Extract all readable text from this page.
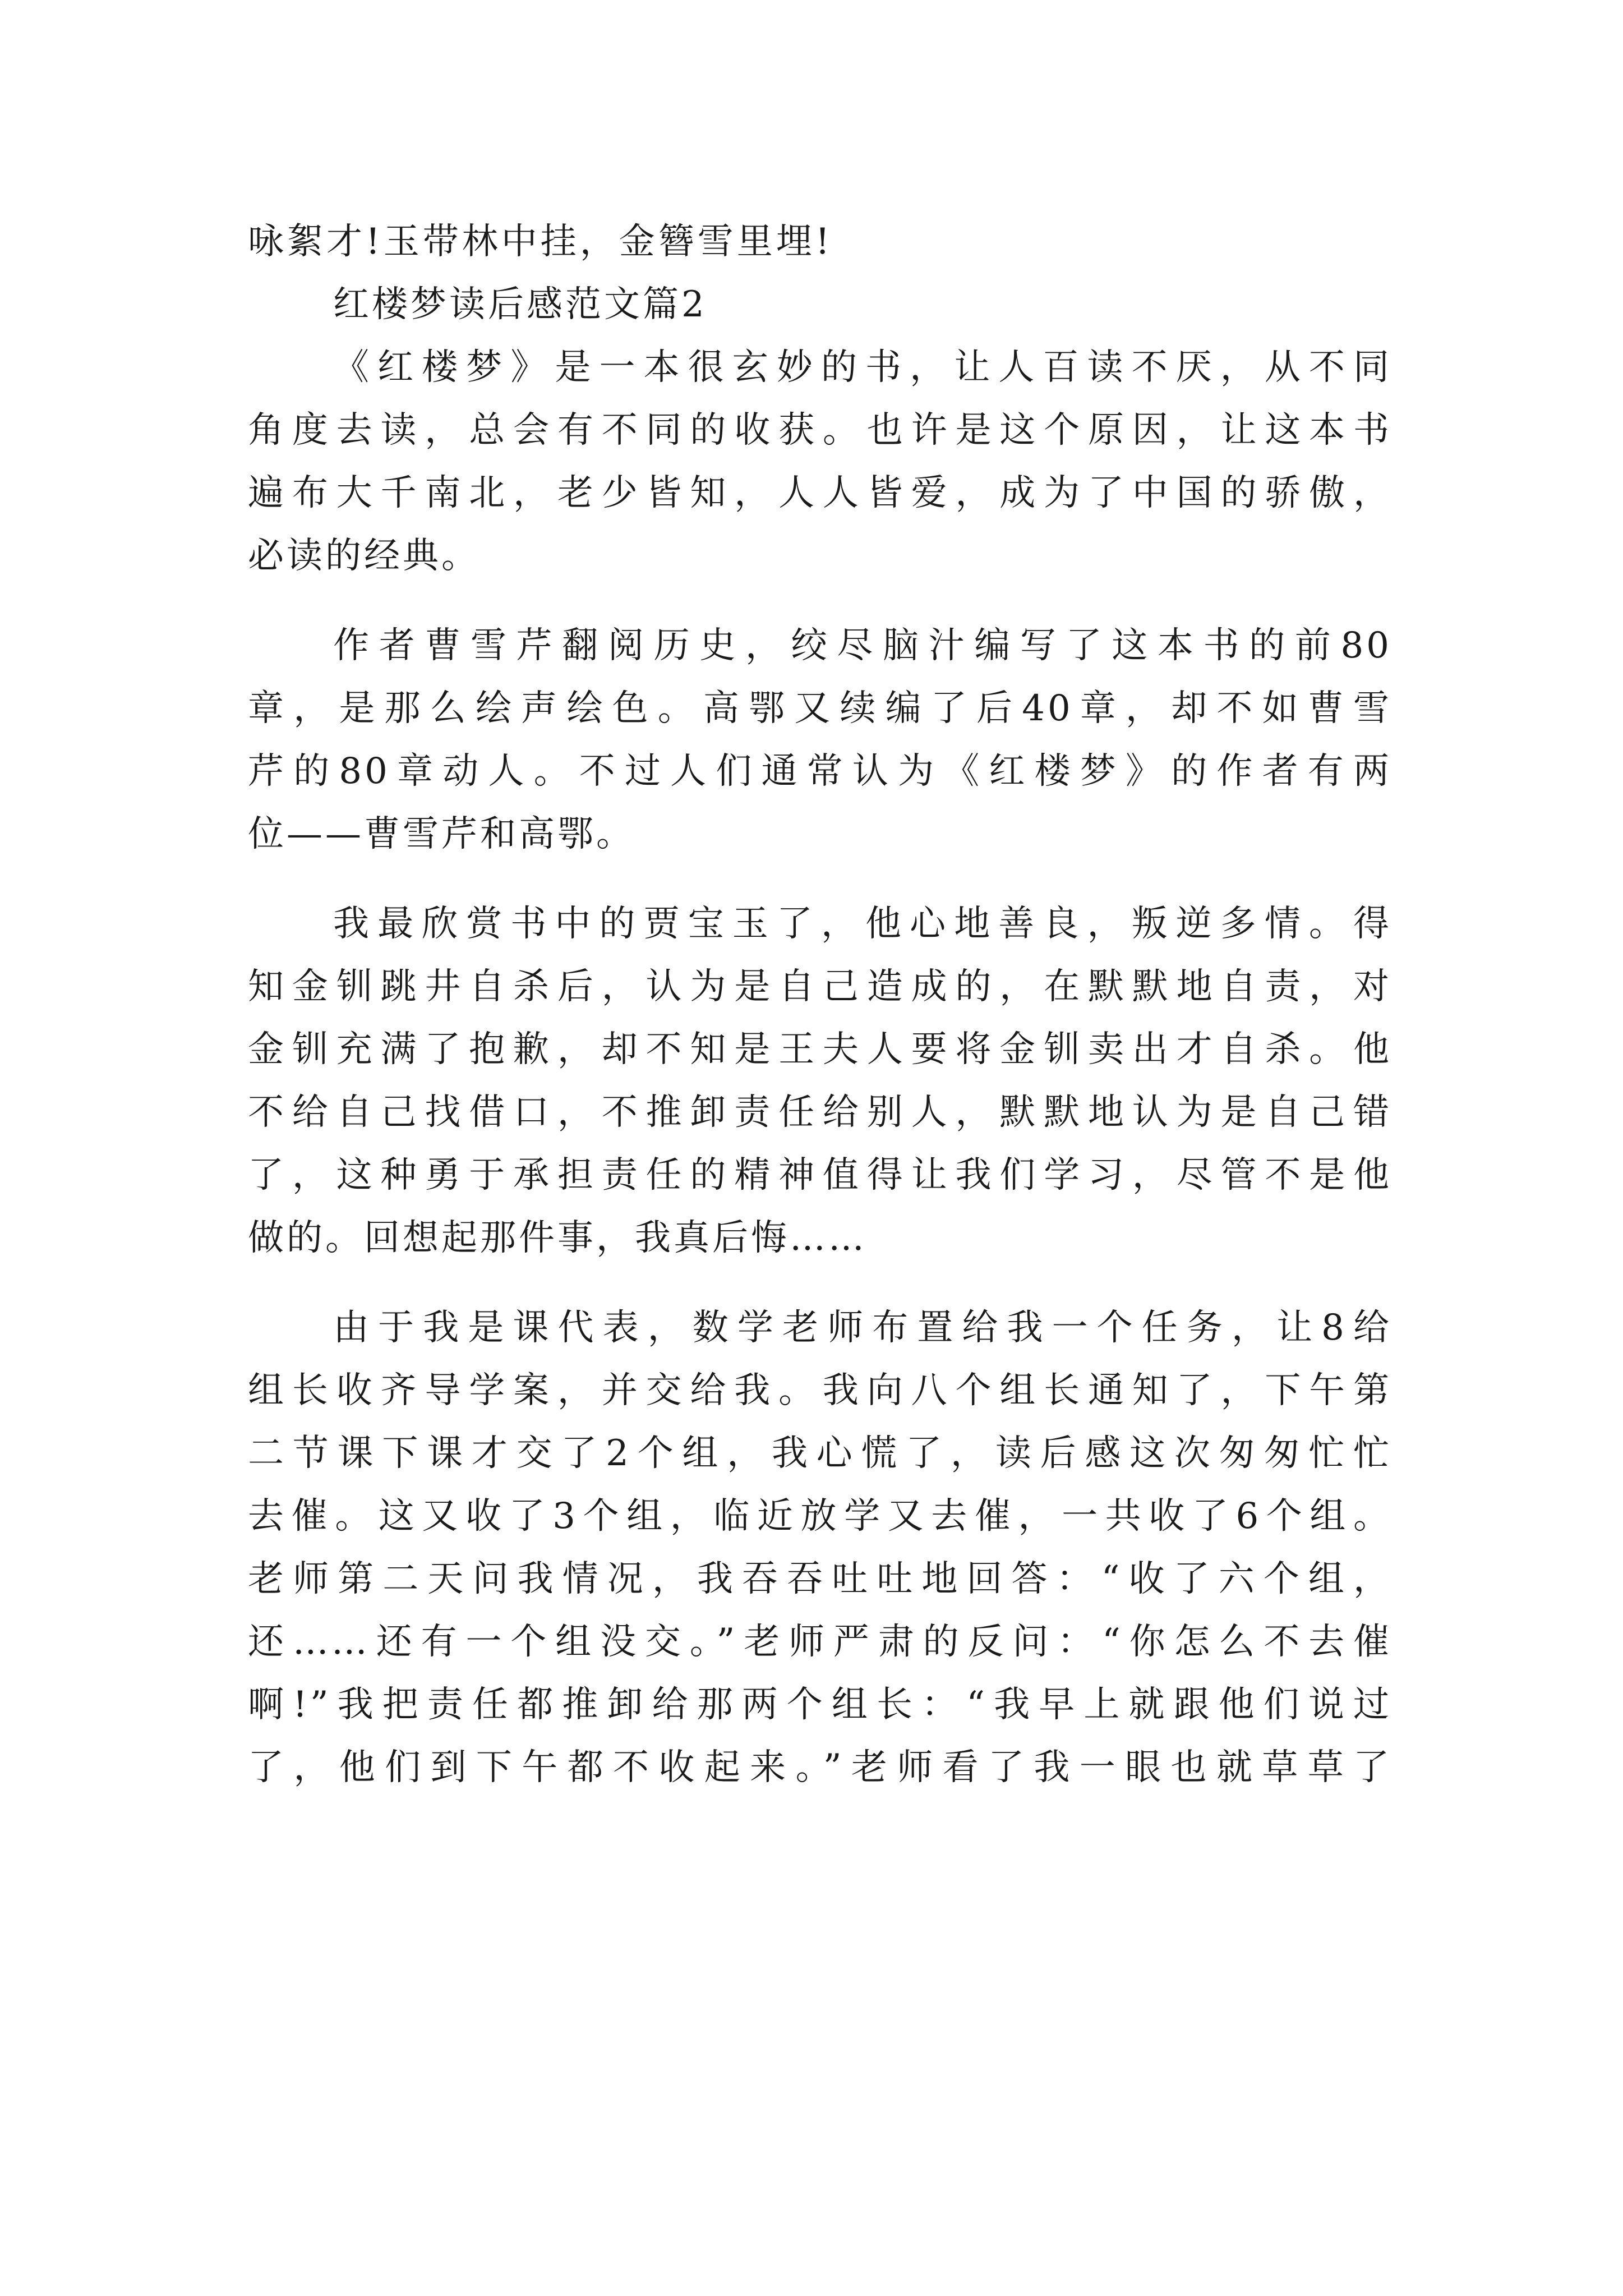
咏絮才!玉带林中挂，金簪雪里埋!
红楼梦读后感范文篇2
《红楼梦》是一本很玄妙的书，让人百读不厌，从不同
角度去读，总会有不同的收获。也许是这个原因，让这本书
遍布大千南北，老少皆知，人人皆爱，成为了中国的骄傲，
必读的经典。
作者曹雪芹翻阅历史，绞尽脑汁编写了这本书的前80
章，是那么绘声绘色。高鄂又续编了后40章，却不如曹雪
芹的80章动人。不过人们通常认为《红楼梦》的作者有两
位——曹雪芹和高鄂。
我最欣赏书中的贾宝玉了，他心地善良，叛逆多情。得
知金钏跳井自杀后，认为是自己造成的，在默默地自责，对
金钏充满了抱歉，却不知是王夫人要将金钏卖出才自杀。他
不给自己找借口，不推卸责任给别人，默默地认为是自己错
了，这种勇于承担责任的精神值得让我们学习，尽管不是他
做的。回想起那件事，我真后悔……
由于我是课代表，数学老师布置给我一个任务，让8给
组长收齐导学案，并交给我。我向八个组长通知了，下午第
二节课下课才交了2个组，我心慌了，读后感这次匆匆忙忙
去催。这又收了3个组，临近放学又去催，一共收了6个组。
老师第二天问我情况，我吞吞吐吐地回答：“收了六个组，
还……还有一个组没交。”老师严肃的反问：“你怎么不去催
啊!”我把责任都推卸给那两个组长：“我早上就跟他们说过
了，他们到下午都不收起来。”老师看了我一眼也就草草了
